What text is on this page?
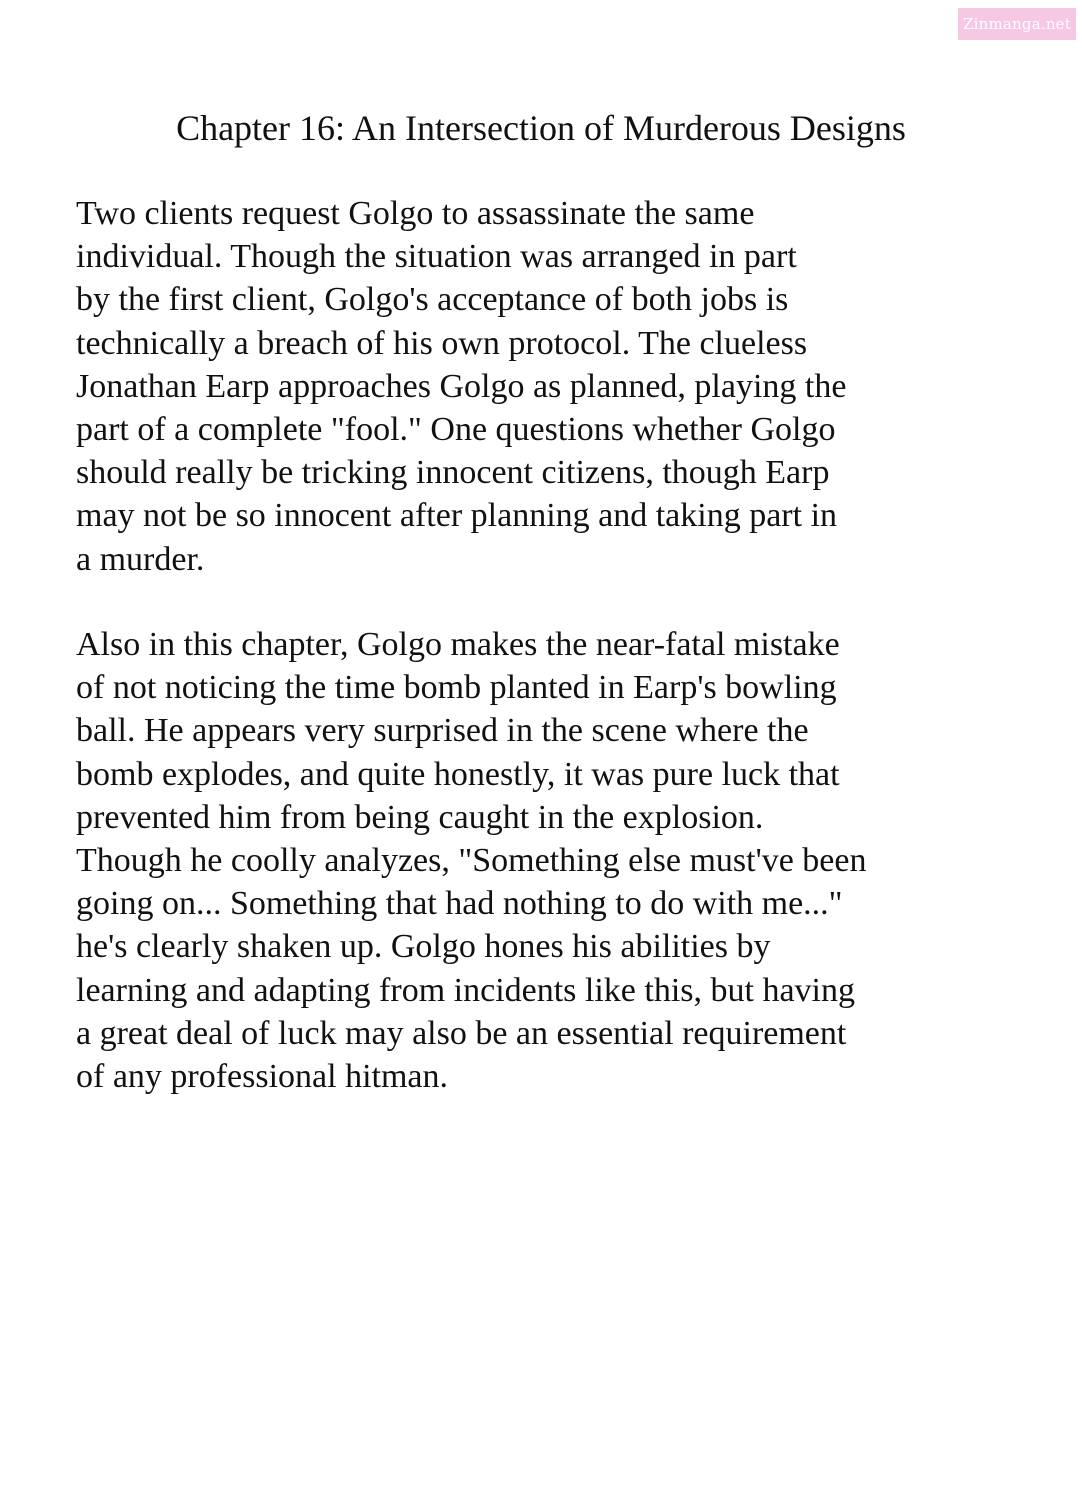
Zinmanga.net
Chapter 16: An Intersection of Murderous Designs

Two clients request Golgo to assassinate the same
individual. Though the situation was arranged in part
by the first client, Golgo's acceptance of both jobs is
technically a breach of his own protocol. The clueless
Jonathan Earp approaches Golgo as planned, playing the
part of a complete "fool." One questions whether Golgo
should really be tricking innocent citizens, though Earp
may not be so innocent after planning and taking part in
a murder.

Also in this chapter, Golgo makes the near-fatal mistake
of not noticing the time bomb planted in Earp's bowling
ball. He appears very surprised in the scene where the
bomb explodes, and quite honestly, it was pure luck that
prevented him from being caught in the explosion.
Though he coolly analyzes, "Something else must've been
going on... Something that had nothing to do with me..."
he's clearly shaken up. Golgo hones his abilities by
learning and adapting from incidents like this, but having
a great deal of luck may also be an essential requirement
of any professional hitman.
